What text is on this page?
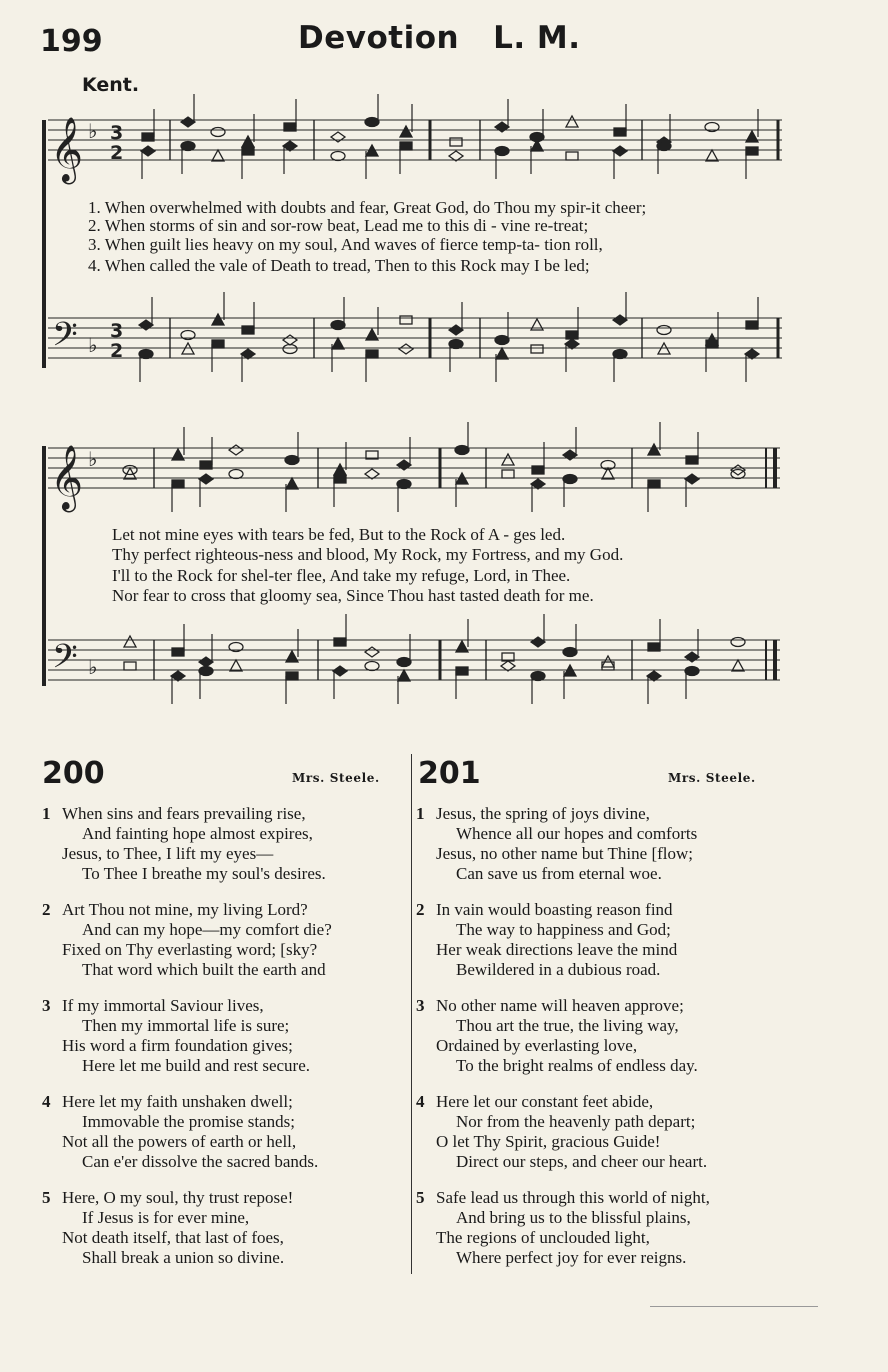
199	Devotion L. M.
Kent.
𝄞 ♭ 3
2
𝄢 ♭
3
2
𝄞 ♭
𝄢 ♭
1. When overwhelmed with doubts and fear, Great God, do Thou my spir-it cheer;
2. When storms of sin and sor-row beat, Lead me to this di - vine re-treat;
3. When guilt lies heavy on my soul, And waves of fierce temp-ta- tion roll,
4. When called the vale of Death to tread, Then to this Rock may I be led;
Let not mine eyes with tears be fed, But to the Rock of A - ges led.
Thy perfect righteous-ness and blood, My Rock, my Fortress, and my God.
I'll to the Rock for shel-ter flee, And take my refuge, Lord, in Thee.
Nor fear to cross that gloomy sea, Since Thou hast tasted death for me.
200	Mrs. Steele.
1 When sins and fears prevailing rise,
And fainting hope almost expires,
Jesus, to Thee, I lift my eyes—
To Thee I breathe my soul's desires.
2 Art Thou not mine, my living Lord?
And can my hope—my comfort die?
Fixed on Thy everlasting word; [sky?
That word which built the earth and
3 If my immortal Saviour lives,
Then my immortal life is sure;
His word a firm foundation gives;
Here let me build and rest secure.
4 Here let my faith unshaken dwell;
Immovable the promise stands;
Not all the powers of earth or hell,
Can e'er dissolve the sacred bands.
5 Here, O my soul, thy trust repose!
If Jesus is for ever mine,
Not death itself, that last of foes,
Shall break a union so divine.
201	Mrs. Steele.
1 Jesus, the spring of joys divine,
Whence all our hopes and comforts
Jesus, no other name but Thine [flow;
Can save us from eternal woe.
2 In vain would boasting reason find
The way to happiness and God;
Her weak directions leave the mind
Bewildered in a dubious road.
3 No other name will heaven approve;
Thou art the true, the living way,
Ordained by everlasting love,
To the bright realms of endless day.
4 Here let our constant feet abide,
Nor from the heavenly path depart;
O let Thy Spirit, gracious Guide!
Direct our steps, and cheer our heart.
5 Safe lead us through this world of night,
And bring us to the blissful plains,
The regions of unclouded light,
Where perfect joy for ever reigns.
